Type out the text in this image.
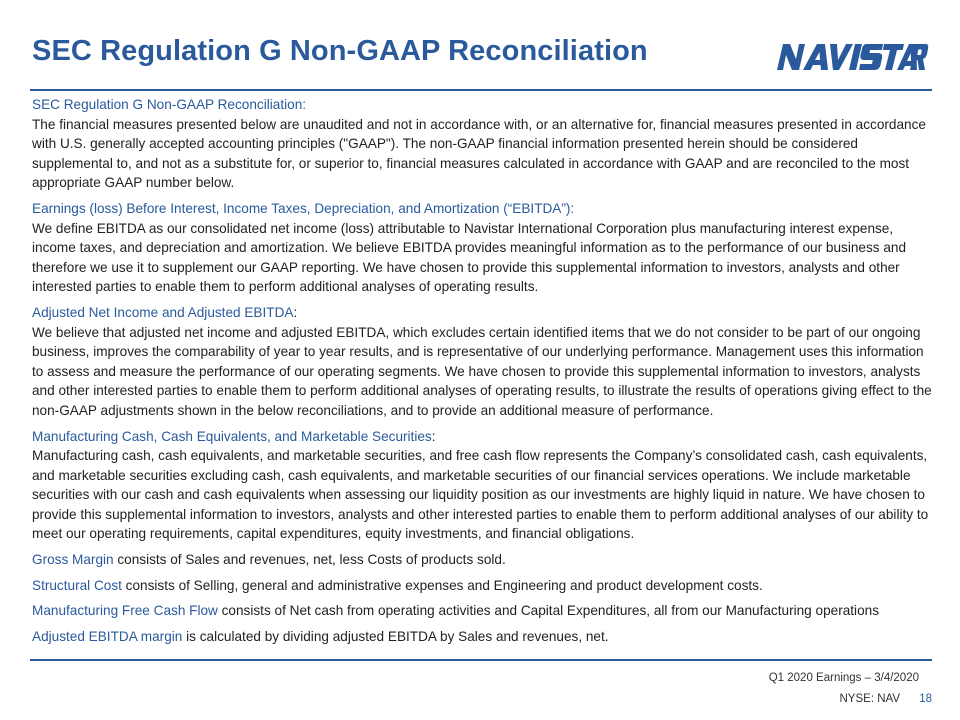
SEC Regulation G Non-GAAP Reconciliation

SEC Regulation G Non-GAAP Reconciliation:
The financial measures presented below are unaudited and not in accordance with, or an alternative for, financial measures presented in accordance with U.S. generally accepted accounting principles ("GAAP"). The non-GAAP financial information presented herein should be considered supplemental to, and not as a substitute for, or superior to, financial measures calculated in accordance with GAAP and are reconciled to the most appropriate GAAP number below.

Earnings (loss) Before Interest, Income Taxes, Depreciation, and Amortization (“EBITDA”):
We define EBITDA as our consolidated net income (loss) attributable to Navistar International Corporation plus manufacturing interest expense, income taxes, and depreciation and amortization. We believe EBITDA provides meaningful information as to the performance of our business and therefore we use it to supplement our GAAP reporting. We have chosen to provide this supplemental information to investors, analysts and other interested parties to enable them to perform additional analyses of operating results.

Adjusted Net Income and Adjusted EBITDA:
We believe that adjusted net income and adjusted EBITDA, which excludes certain identified items that we do not consider to be part of our ongoing business, improves the comparability of year to year results, and is representative of our underlying performance. Management uses this information to assess and measure the performance of our operating segments. We have chosen to provide this supplemental information to investors, analysts and other interested parties to enable them to perform additional analyses of operating results, to illustrate the results of operations giving effect to the non-GAAP adjustments shown in the below reconciliations, and to provide an additional measure of performance.

Manufacturing Cash, Cash Equivalents, and Marketable Securities:
Manufacturing cash, cash equivalents, and marketable securities, and free cash flow represents the Company’s consolidated cash, cash equivalents, and marketable securities excluding cash, cash equivalents, and marketable securities of our financial services operations. We include marketable securities with our cash and cash equivalents when assessing our liquidity position as our investments are highly liquid in nature. We have chosen to provide this supplemental information to investors, analysts and other interested parties to enable them to perform additional analyses of our ability to meet our operating requirements, capital expenditures, equity investments, and financial obligations.

Gross Margin consists of Sales and revenues, net, less Costs of products sold.

Structural Cost consists of Selling, general and administrative expenses and Engineering and product development costs.

Manufacturing Free Cash Flow consists of Net cash from operating activities and Capital Expenditures, all from our Manufacturing operations

Adjusted EBITDA margin is calculated by dividing adjusted EBITDA by Sales and revenues, net.

Q1 2020 Earnings – 3/4/2020
NYSE: NAV 18
